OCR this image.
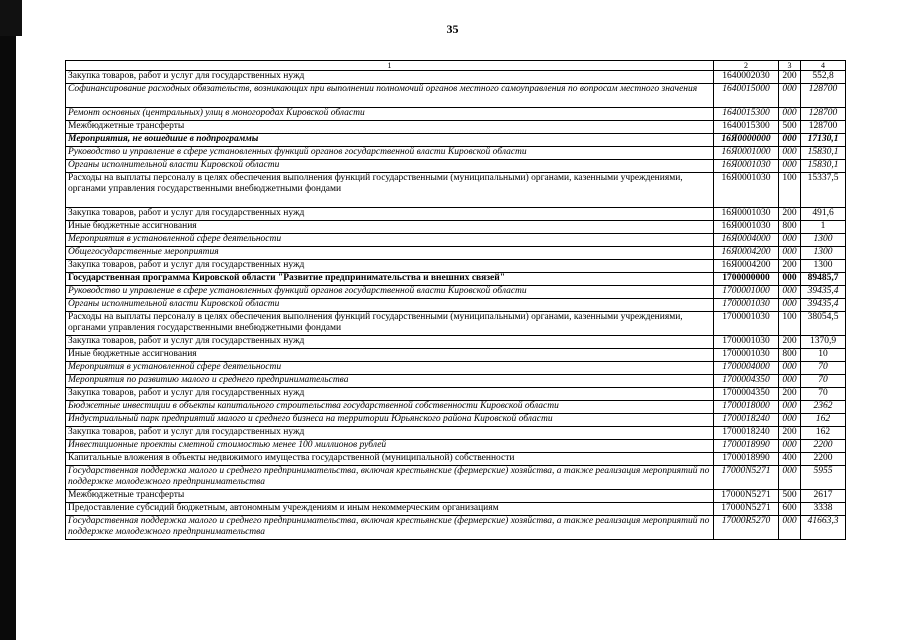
35
1	2	3	4
Закупка товаров, работ и услуг для государственных нужд	1640002030	200	552,8
Софинансирование расходных обязательств, возникающих при выполнении полномочий органов местного самоуправления по вопросам местного значения	1640015000	000	128700
Ремонт основных (центральных) улиц в моногородах Кировской области	1640015300	000	128700
Межбюджетные трансферты	1640015300	500	128700
Мероприятия, не вошедшие в подпрограммы	16Я0000000	000	17130,1
Руководство и управление в сфере установленных функций органов государственной власти Кировской области	16Я0001000	000	15830,1
Органы исполнительной власти Кировской области	16Я0001030	000	15830,1
Расходы на выплаты персоналу в целях обеспечения выполнения функций государственными (муниципальными) органами, казенными учреждениями, органами управления государственными внебюджетными фондами	16Я0001030	100	15337,5
Закупка товаров, работ и услуг для государственных нужд	16Я0001030	200	491,6
Иные бюджетные ассигнования	16Я0001030	800	1
Мероприятия в установленной сфере деятельности	16Я0004000	000	1300
Общегосударственные мероприятия	16Я0004200	000	1300
Закупка товаров, работ и услуг для государственных нужд	16Я0004200	200	1300
Государственная программа Кировской области "Развитие предпринимательства и внешних связей"	1700000000	000	89485,7
Руководство и управление в сфере установленных функций органов государственной власти Кировской области	1700001000	000	39435,4
Органы исполнительной власти Кировской области	1700001030	000	39435,4
Расходы на выплаты персоналу в целях обеспечения выполнения функций государственными (муниципальными) органами, казенными учреждениями, органами управления государственными внебюджетными фондами	1700001030	100	38054,5
Закупка товаров, работ и услуг для государственных нужд	1700001030	200	1370,9
Иные бюджетные ассигнования	1700001030	800	10
Мероприятия в установленной сфере деятельности	1700004000	000	70
Мероприятия по развитию малого и среднего предпринимательства	1700004350	000	70
Закупка товаров, работ и услуг для государственных нужд	1700004350	200	70
Бюджетные инвестиции в объекты капитального строительства государственной собственности Кировской области	1700018000	000	2362
Индустриальный парк предприятий малого и среднего бизнеса на территории Юрьянского района Кировской области	1700018240	000	162
Закупка товаров, работ и услуг для государственных нужд	1700018240	200	162
Инвестиционные проекты сметной стоимостью менее 100 миллионов рублей	1700018990	000	2200
Капитальные вложения в объекты недвижимого имущества государственной (муниципальной) собственности	1700018990	400	2200
Государственная поддержка малого и среднего предпринимательства, включая крестьянские (фермерские) хозяйства, а также реализация мероприятий по поддержке молодежного предпринимательства	17000N5271	000	5955
Межбюджетные трансферты	17000N5271	500	2617
Предоставление субсидий бюджетным, автономным учреждениям и иным некоммерческим организациям	17000N5271	600	3338
Государственная поддержка малого и среднего предпринимательства, включая крестьянские (фермерские) хозяйства, а также реализация мероприятий по поддержке молодежного предпринимательства	17000R5270	000	41663,3
